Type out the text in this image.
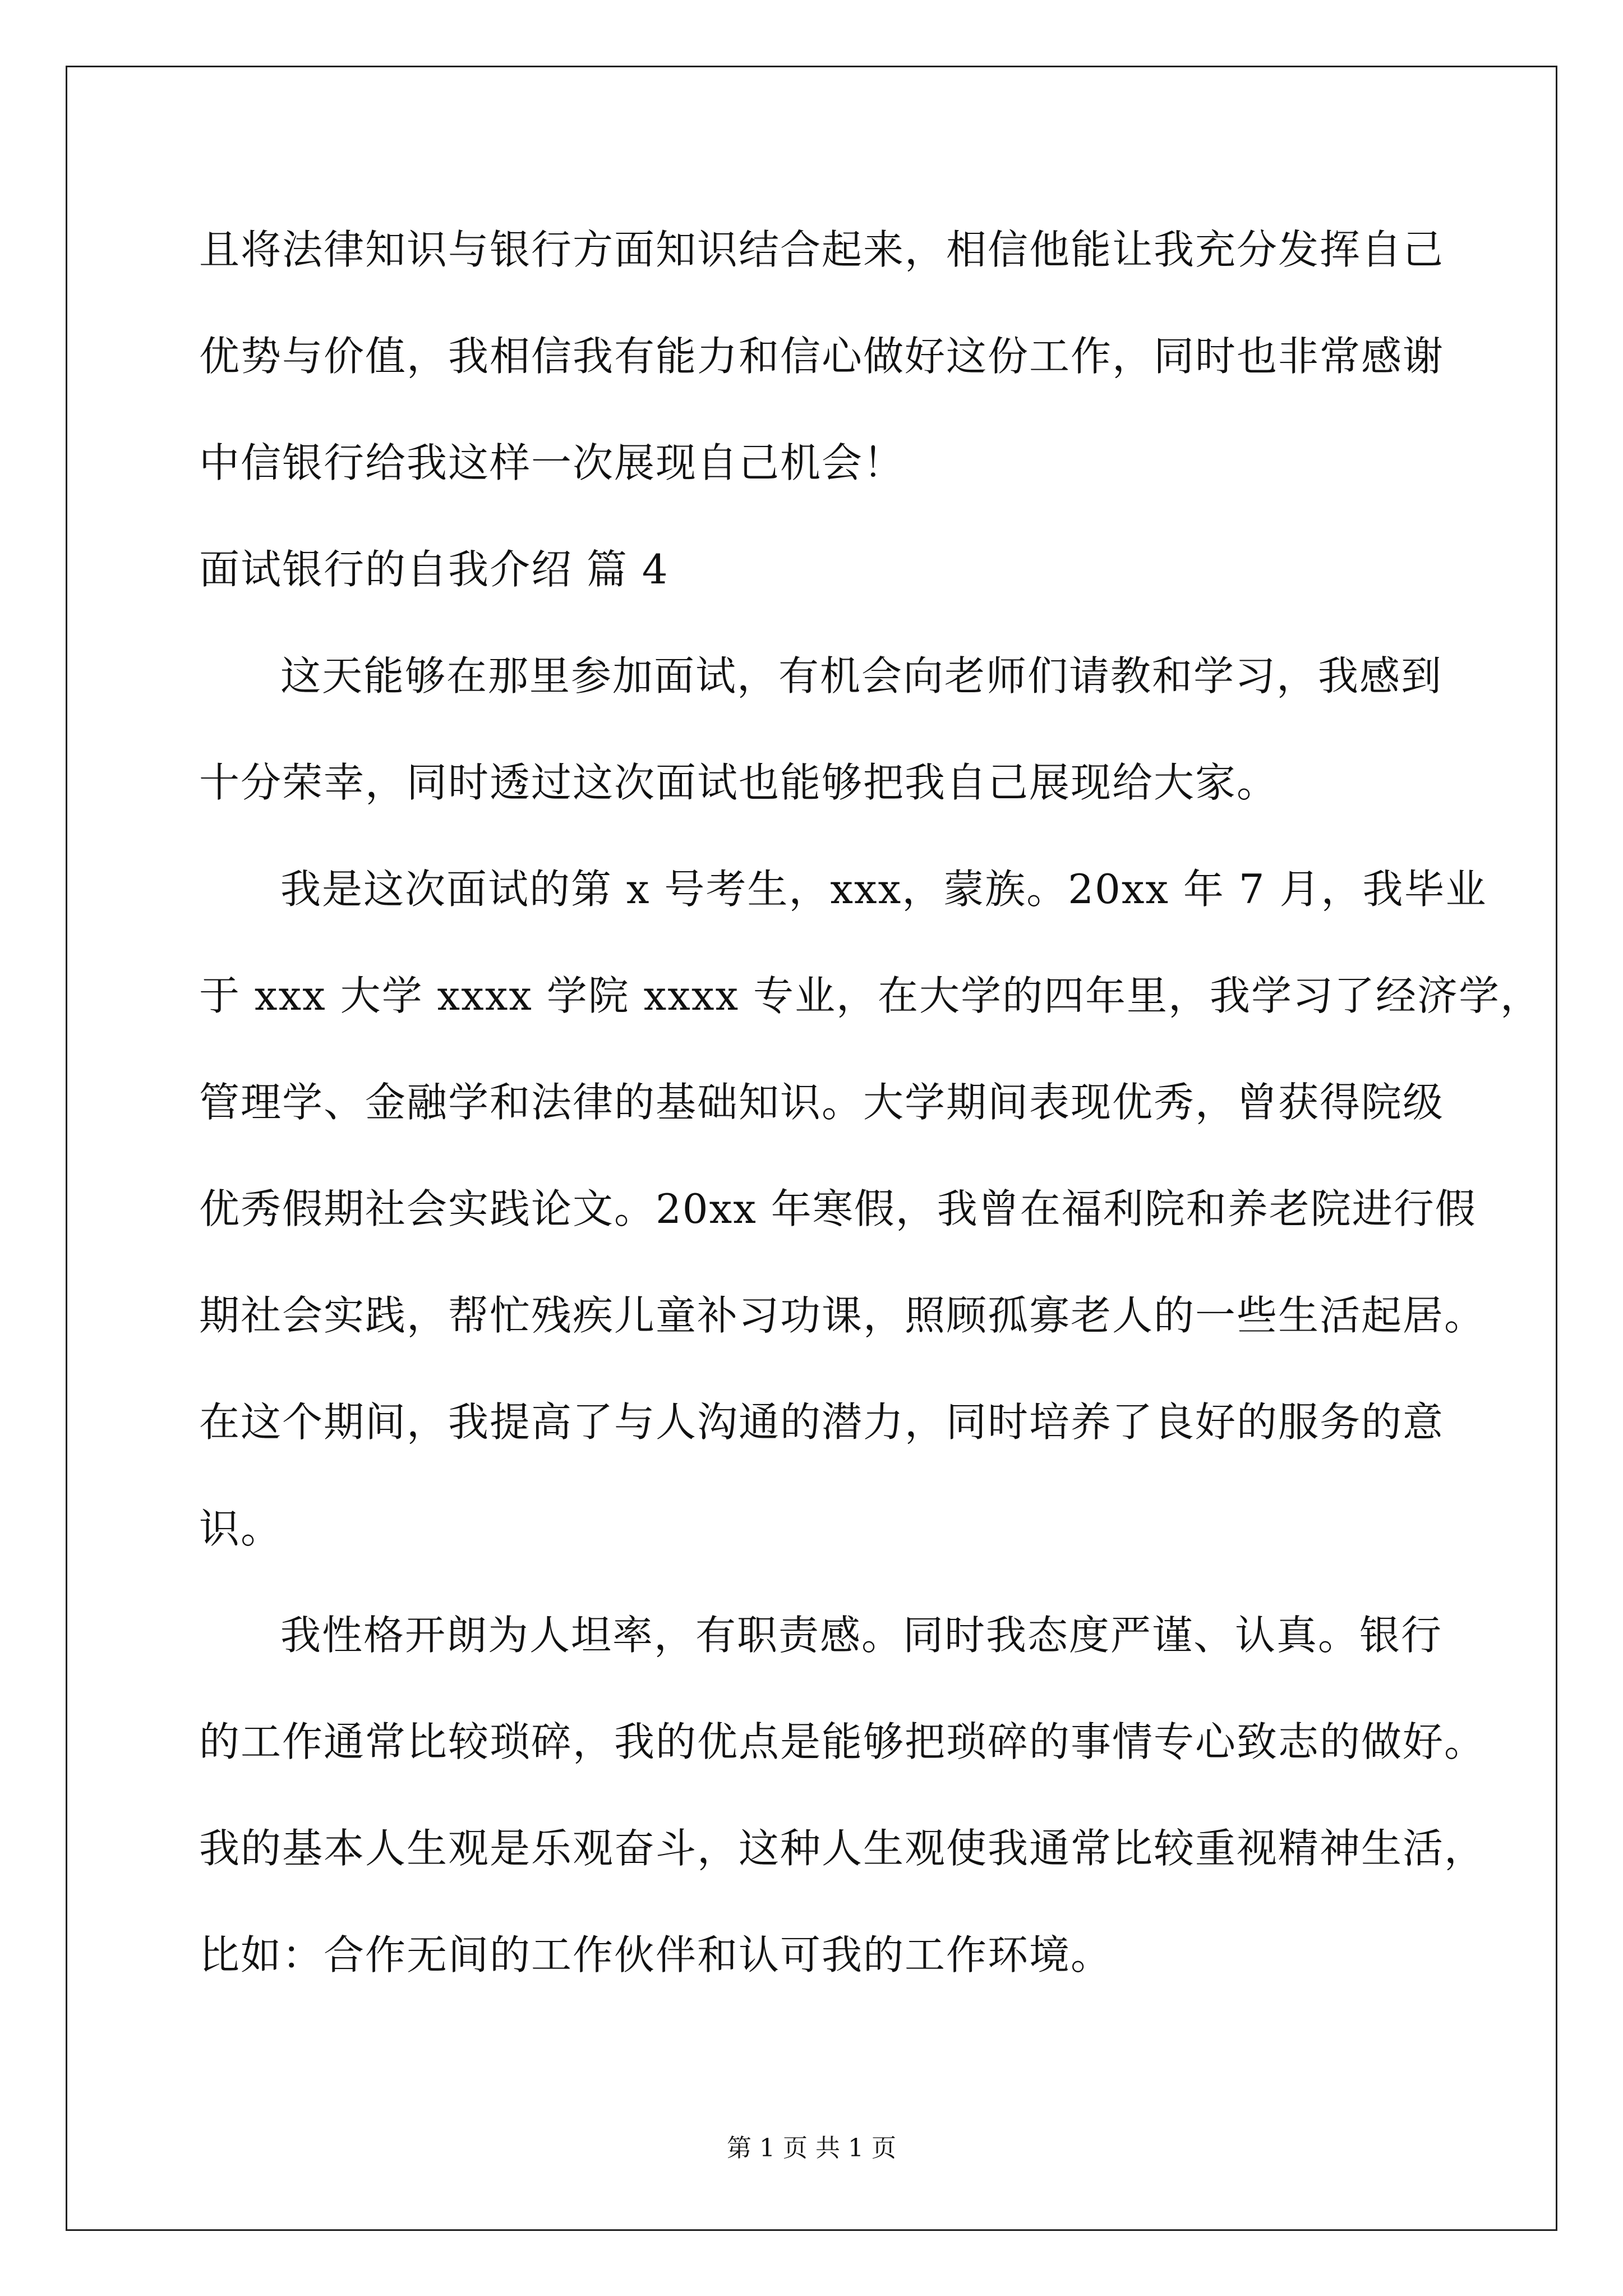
且将法律知识与银行方面知识结合起来，相信他能让我充分发挥自己
优势与价值，我相信我有能力和信心做好这份工作，同时也非常感谢
中信银行给我这样一次展现自己机会！
面试银行的自我介绍 篇 4
这天能够在那里参加面试，有机会向老师们请教和学习，我感到
十分荣幸，同时透过这次面试也能够把我自己展现给大家。
我是这次面试的第 x 号考生，xxx，蒙族。20xx 年 7 月，我毕业
于 xxx 大学 xxxx 学院 xxxx 专业，在大学的四年里，我学习了经济学，
管理学、金融学和法律的基础知识。大学期间表现优秀，曾获得院级
优秀假期社会实践论文。20xx 年寒假，我曾在福利院和养老院进行假
期社会实践，帮忙残疾儿童补习功课，照顾孤寡老人的一些生活起居。
在这个期间，我提高了与人沟通的潜力，同时培养了良好的服务的意
识。
我性格开朗为人坦率，有职责感。同时我态度严谨、认真。银行
的工作通常比较琐碎，我的优点是能够把琐碎的事情专心致志的做好。
我的基本人生观是乐观奋斗，这种人生观使我通常比较重视精神生活，
比如：合作无间的工作伙伴和认可我的工作环境。
第 1 页 共 1 页
